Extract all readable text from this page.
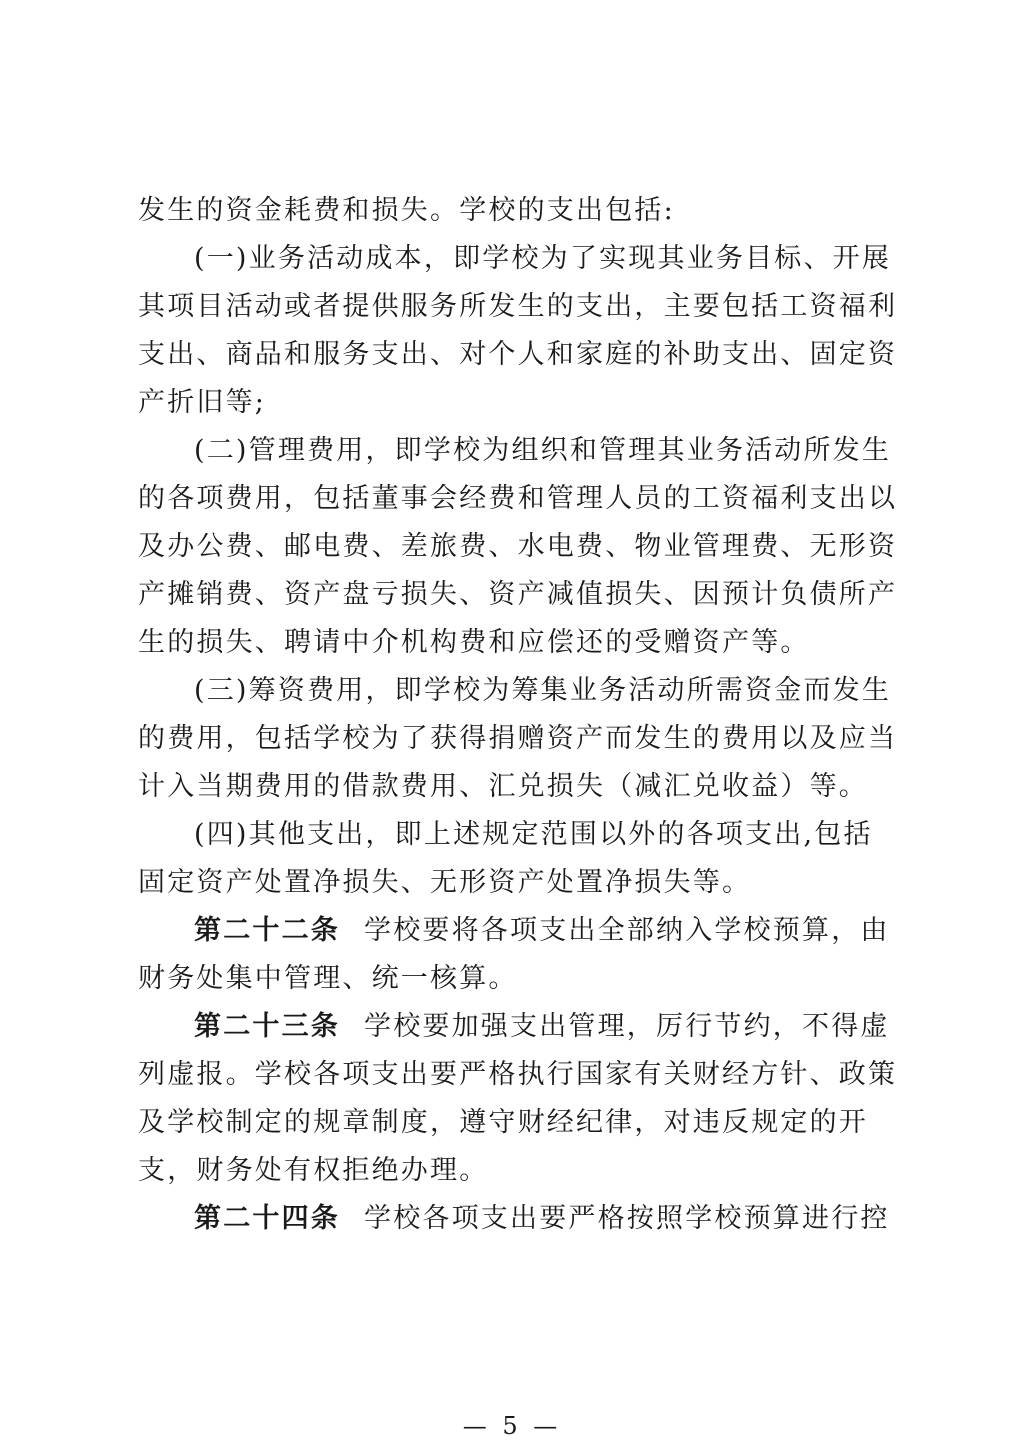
发生的资金耗费和损失。学校的支出包括:

(一)业务活动成本，即学校为了实现其业务目标、开展其项目活动或者提供服务所发生的支出，主要包括工资福利支出、商品和服务支出、对个人和家庭的补助支出、固定资产折旧等;

(二)管理费用，即学校为组织和管理其业务活动所发生的各项费用，包括董事会经费和管理人员的工资福利支出以及办公费、邮电费、差旅费、水电费、物业管理费、无形资产摊销费、资产盘亏损失、资产减值损失、因预计负债所产生的损失、聘请中介机构费和应偿还的受赠资产等。

(三)筹资费用，即学校为筹集业务活动所需资金而发生的费用，包括学校为了获得捐赠资产而发生的费用以及应当计入当期费用的借款费用、汇兑损失（减汇兑收益）等。

(四)其他支出，即上述规定范围以外的各项支出,包括固定资产处置净损失、无形资产处置净损失等。

第二十二条 学校要将各项支出全部纳入学校预算，由财务处集中管理、统一核算。

第二十三条 学校要加强支出管理，厉行节约，不得虚列虚报。学校各项支出要严格执行国家有关财经方针、政策及学校制定的规章制度，遵守财经纪律，对违反规定的开支，财务处有权拒绝办理。

第二十四条 学校各项支出要严格按照学校预算进行控

— 5 —
